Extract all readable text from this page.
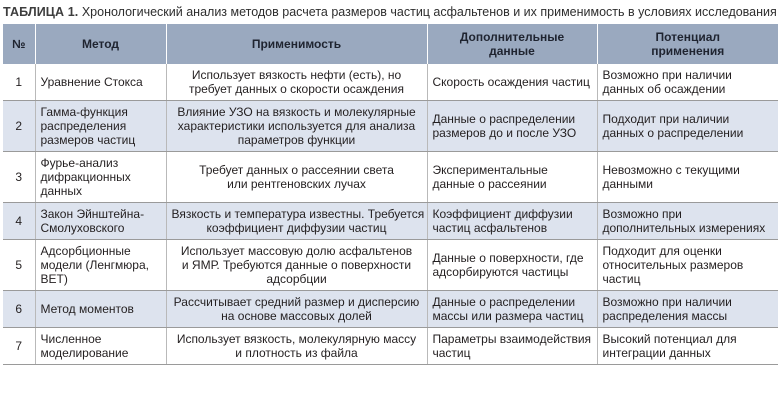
ТАБЛИЦА 1. Хронологический анализ методов расчета размеров частиц асфальтенов и их применимость в условиях исследования
№	Метод	Применимость	Дополнительные
данные	Потенциал
применения

1	Уравнение Стокса	Использует вязкость нефти (есть), но
требует данных о скорости осаждения	Скорость осаждения частиц	Возможно при наличии
данных об осаждении

2	Гамма-функция
распределения
размеров частиц	Влияние УЗО на вязкость и молекулярные
характеристики используется для анализа
параметров функции	Данные о распределении
размеров до и после УЗО	Подходит при наличии
данных о распределении

3	Фурье-анализ
дифракционных
данных	Требует данных о рассеянии света
или рентгеновских лучах	Экспериментальные
данные о рассеянии	Невозможно с текущими
данными

4	Закон Эйнштейна-
Смолуховского	Вязкость и температура известны. Требуется
коэффициент диффузии частиц	Коэффициент диффузии
частиц асфальтенов	Возможно при
дополнительных измерениях

5	Адсорбционные
модели (Ленгмюра,
BET)	Использует массовую долю асфальтенов
и ЯМР. Требуются данные о поверхности
адсорбции	Данные о поверхности, где
адсорбируются частицы	Подходит для оценки
относительных размеров
частиц

6	Метод моментов	Рассчитывает средний размер и дисперсию
на основе массовых долей	Данные о распределении
массы или размера частиц	Возможно при наличии
распределения массы

7	Численное
моделирование	Использует вязкость, молекулярную массу
и плотность из файла	Параметры взаимодействия
частиц	Высокий потенциал для
интеграции данных
